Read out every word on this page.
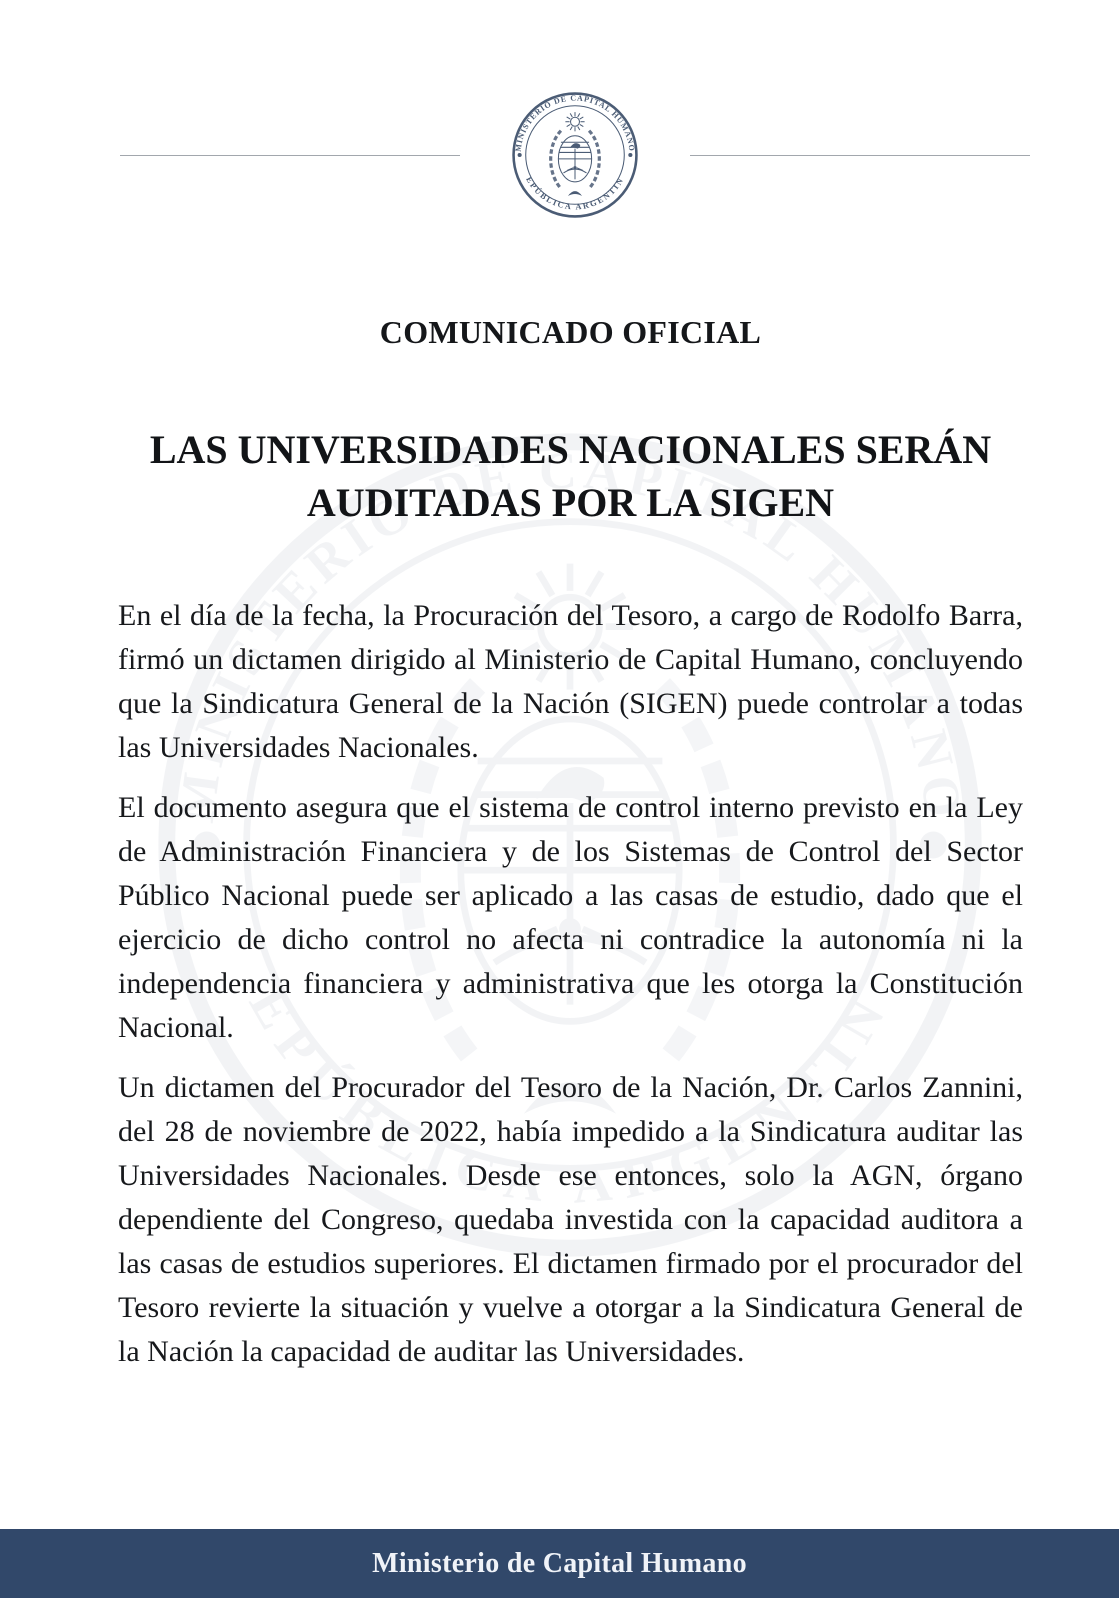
COMUNICADO OFICIAL
LAS UNIVERSIDADES NACIONALES SERÁN
AUDITADAS POR LA SIGEN

En el día de la fecha, la Procuración del Tesoro, a cargo de Rodolfo Barra, firmó un dictamen dirigido al Ministerio de Capital Humano, concluyendo que la Sindicatura General de la Nación (SIGEN) puede controlar a todas las Universidades Nacionales.

El documento asegura que el sistema de control interno previsto en la Ley de Administración Financiera y de los Sistemas de Control del Sector Público Nacional puede ser aplicado a las casas de estudio, dado que el ejercicio de dicho control no afecta ni contradice la autonomía ni la independencia financiera y administrativa que les otorga la Constitución Nacional.

Un dictamen del Procurador del Tesoro de la Nación, Dr. Carlos Zannini, del 28 de noviembre de 2022, había impedido a la Sindicatura auditar las Universidades Nacionales. Desde ese entonces, solo la AGN, órgano dependiente del Congreso, quedaba investida con la capacidad auditora a las casas de estudios superiores. El dictamen firmado por el procurador del Tesoro revierte la situación y vuelve a otorgar a la Sindicatura General de la Nación la capacidad de auditar las Universidades.

Ministerio de Capital Humano
